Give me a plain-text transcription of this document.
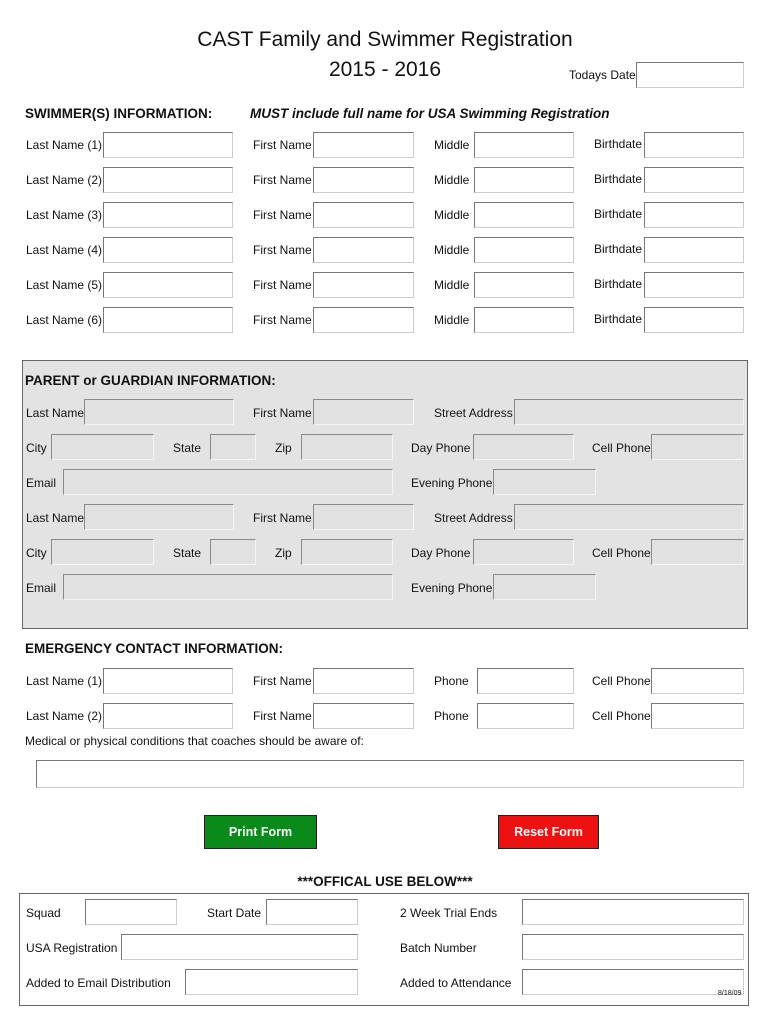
CAST Family and Swimmer Registration
2015 - 2016	Todays Date
SWIMMER(S) INFORMATION:	MUST include full name for USA Swimming Registration
Last Name (1)	First Name	Middle	Birthdate
Last Name (2)	First Name	Middle	Birthdate
Last Name (3)	First Name	Middle	Birthdate
Last Name (4)	First Name	Middle	Birthdate
Last Name (5)	First Name	Middle	Birthdate
Last Name (6)	First Name	Middle	Birthdate
PARENT or GUARDIAN INFORMATION:
Last Name	First Name	Street Address
City	State	Zip	Day Phone	Cell Phone
Email	Evening Phone
Last Name	First Name	Street Address
City	State	Zip	Day Phone	Cell Phone
Email	Evening Phone
EMERGENCY CONTACT INFORMATION:
Last Name (1)	First Name	Phone	Cell Phone
Last Name (2)	First Name	Phone	Cell Phone
Medical or physical conditions that coaches should be aware of:
Print Form	Reset Form
***OFFICAL USE BELOW***
Squad	Start Date	2 Week Trial Ends
USA Registration	Batch Number
Added to Email Distribution	Added to Attendance
8/18/09
